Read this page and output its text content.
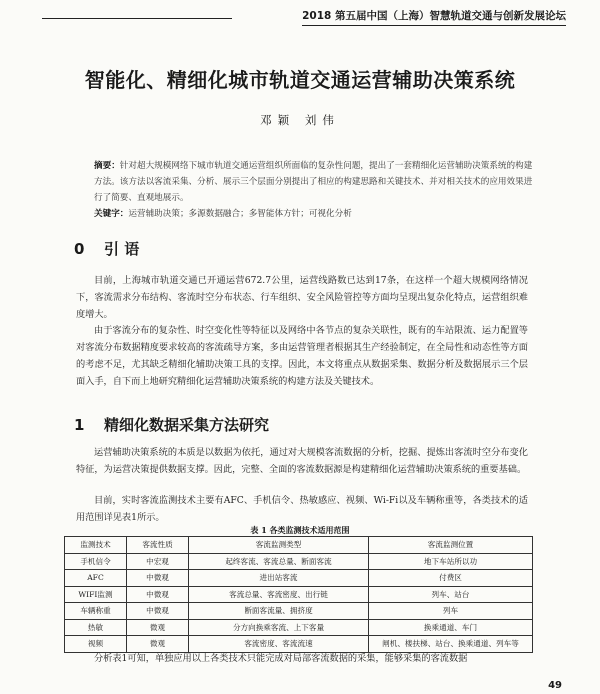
2018 第五届中国（上海）智慧轨道交通与创新发展论坛
智能化、精细化城市轨道交通运营辅助决策系统
邓颖 刘伟
摘要：针对超大规模网络下城市轨道交通运营组织所面临的复杂性问题，提出了一套精细化运营辅助决策系统的构建方法。该方法以客流采集、分析、展示三个层面分别提出了相应的构建思路和关键技术、并对相关技术的应用效果进行了简要、直观地展示。
关键字：运营辅助决策；多源数据融合；多智能体方针；可视化分析
0 引 语
目前，上海城市轨道交通已开通运营672.7公里，运营线路数已达到17条，在这样一个超大规模网络情况下，客流需求分布结构、客流时空分布状态、行车组织、安全风险管控等方面均呈现出复杂化特点，运营组织难度增大。
由于客流分布的复杂性、时空变化性等特征以及网络中各节点的复杂关联性，既有的车站限流、运力配置等对客流分布数据精度要求较高的客流疏导方案，多由运营管理者根据其生产经验制定，在全局性和动态性等方面的考虑不足，尤其缺乏精细化辅助决策工具的支撑。因此，本文将重点从数据采集、数据分析及数据展示三个层面入手，自下而上地研究精细化运营辅助决策系统的构建方法及关键技术。
1 精细化数据采集方法研究
运营辅助决策系统的本质是以数据为依托，通过对大规模客流数据的分析，挖掘、提炼出客流时空分布变化特征，为运营决策提供数据支撑。因此，完整、全面的客流数据源是构建精细化运营辅助决策系统的重要基础。
目前，实时客流监测技术主要有AFC、手机信令、热敏感应、视频、Wi-Fi以及车辆称重等，各类技术的适用范围详见表1所示。
表 1 各类监测技术适用范围
监测技术	客流性质	客流监测类型	客流监测位置
手机信令	中宏观	起终客流、客流总量、断面客流	地下车站所以功
AFC	中微观	进出站客流	付费区
WIFI监测	中微观	客流总量、客流密度、出行链	列车、站台
车辆称重	中微观	断面客流量、拥挤度	列车
热敏	微观	分方向换乘客流、上下客量	换乘通道、车门
视频	微观	客流密度、客流流速	闸机、楼扶梯、站台、换乘通道、列车等
分析表1可知，单独应用以上各类技术只能完成对局部客流数据的采集，能够采集的客流数据
49
